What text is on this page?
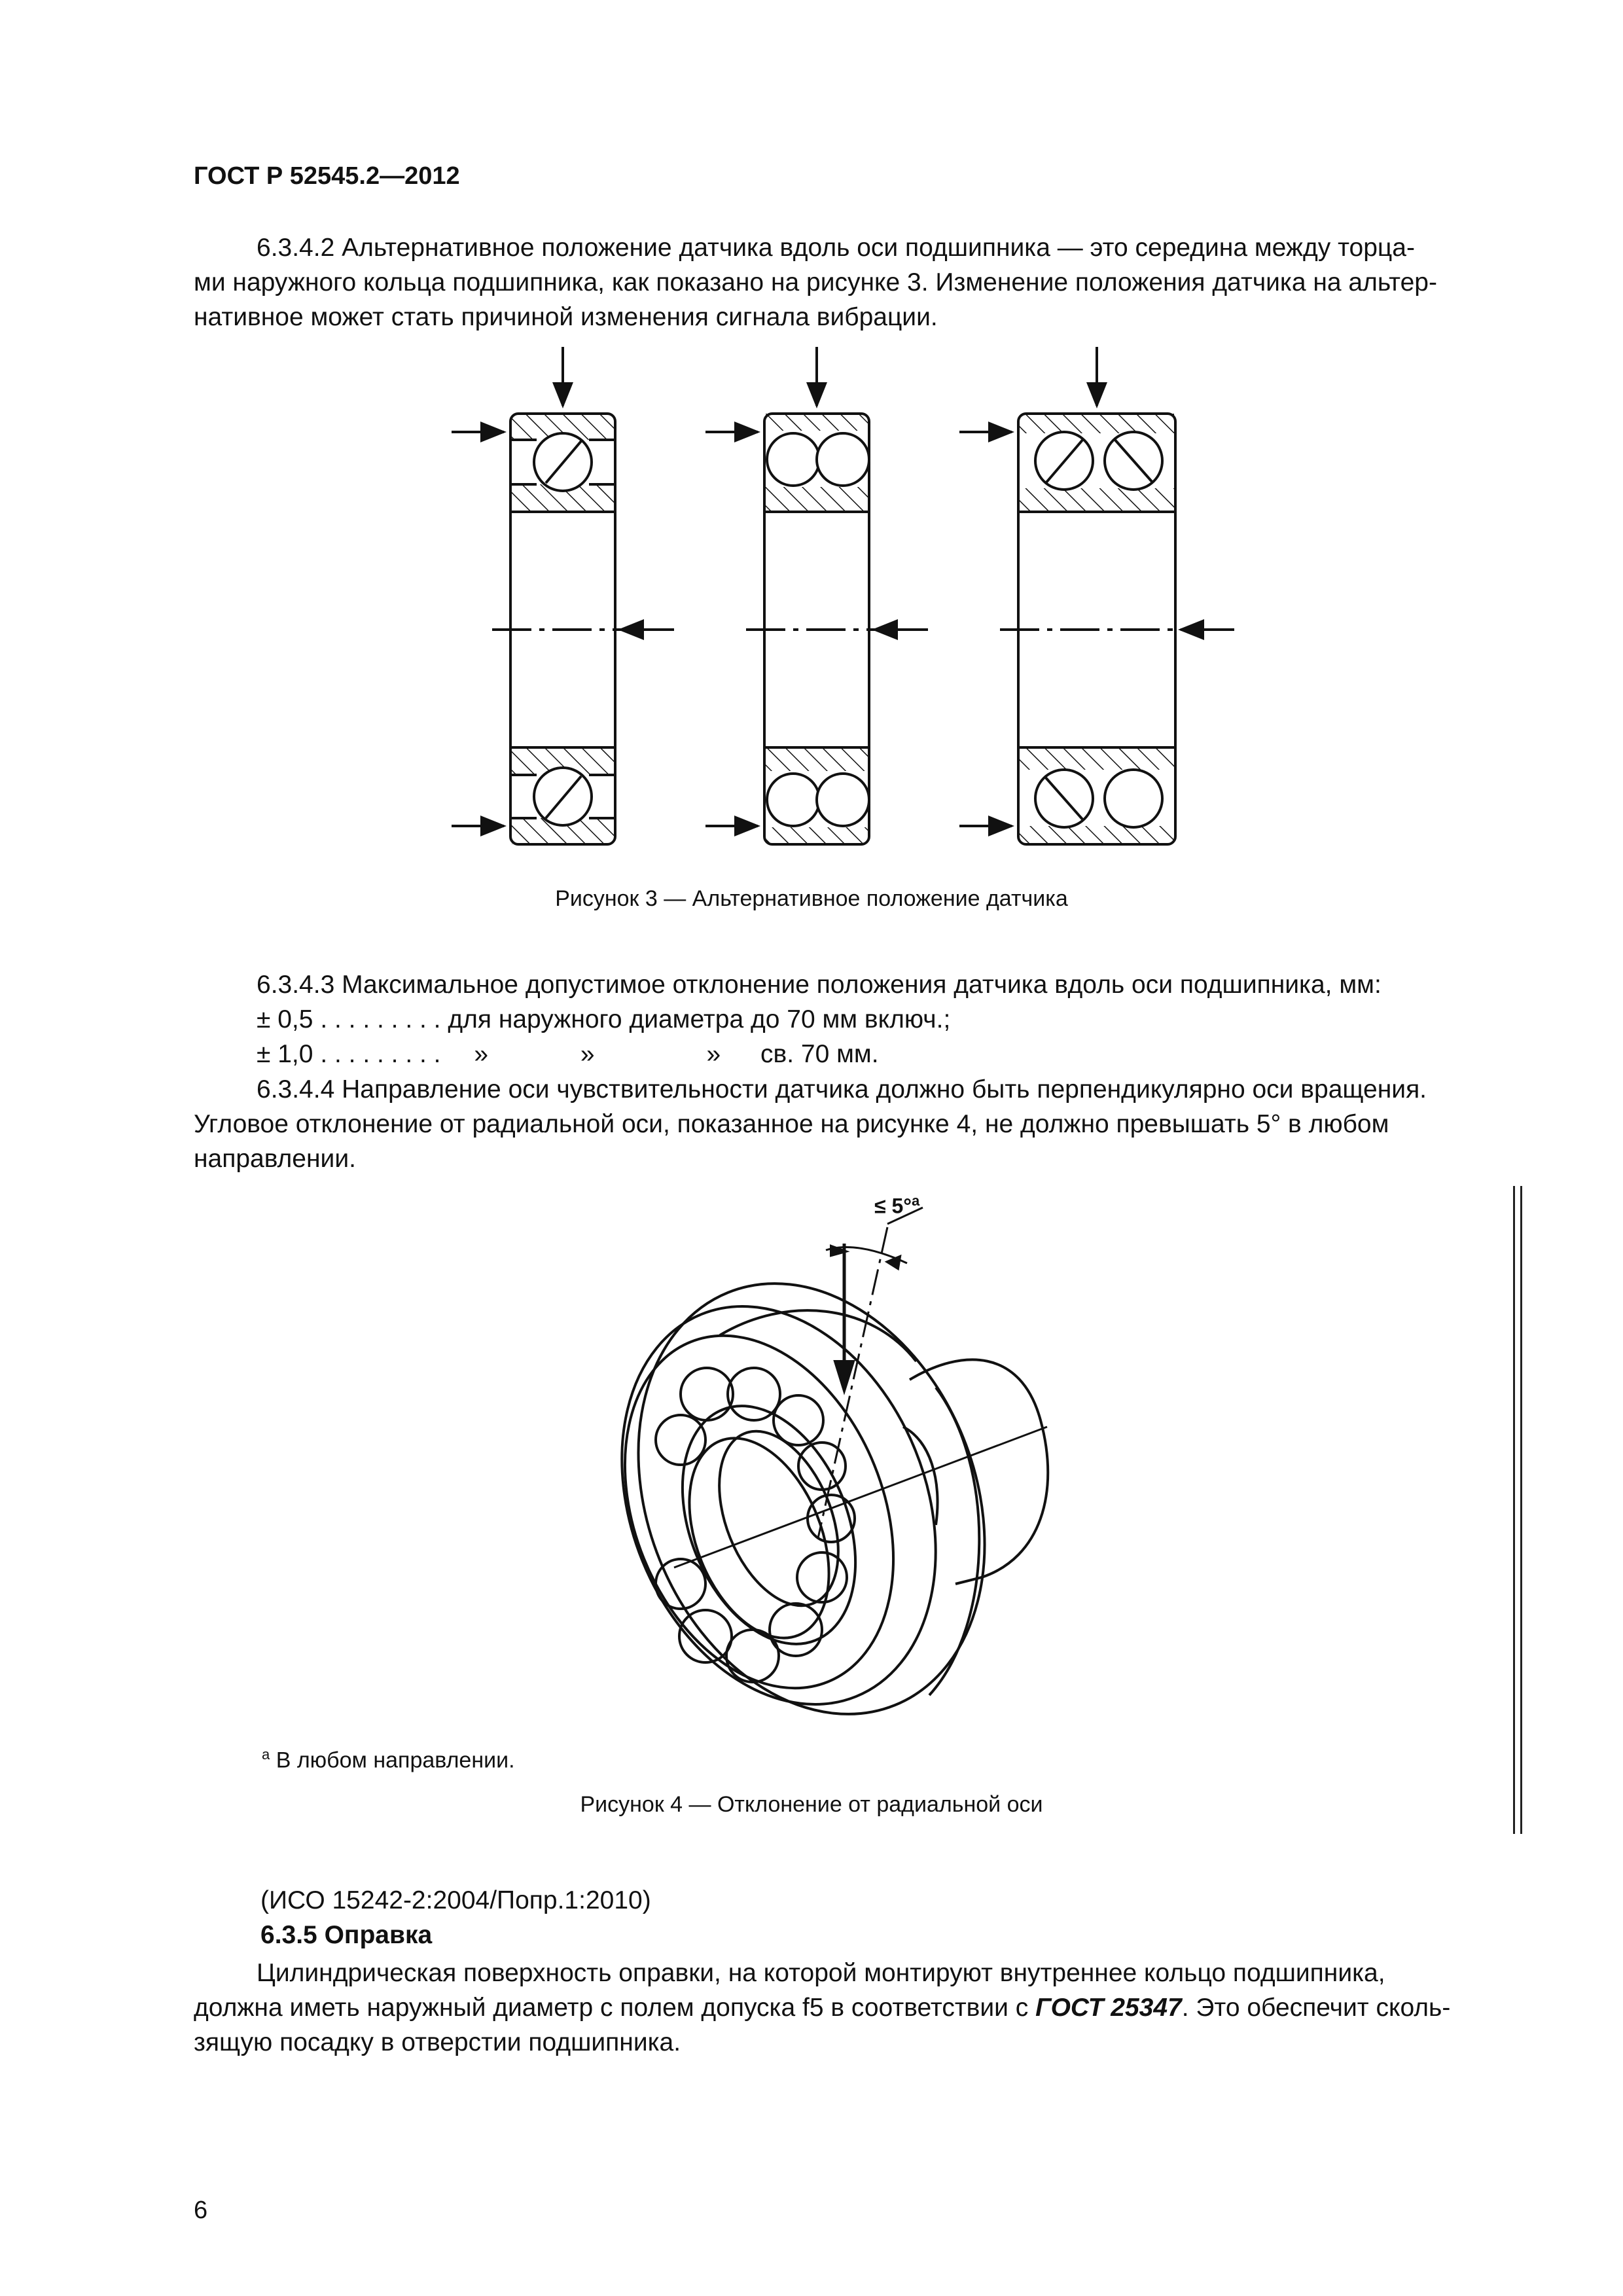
ГОСТ Р 52545.2—2012
6.3.4.2 Альтернативное положение датчика вдоль оси подшипника — это середина между торца-
ми наружного кольца подшипника, как показано на рисунке 3. Изменение положения датчика на альтер-
нативное может стать причиной изменения сигнала вибрации.
Рисунок 3 — Альтернативное положение датчика
6.3.4.3 Максимальное допустимое отклонение положения датчика вдоль оси подшипника, мм:
± 0,5 . . . . . . . . . для наружного диаметра до 70 мм включ.;
± 1,0 . . . . . . . . . »	»	» св. 70 мм.
6.3.4.4 Направление оси чувствительности датчика должно быть перпендикулярно оси вращения.
Угловое отклонение от радиальной оси, показанное на рисунке 4, не должно превышать 5° в любом
направлении.
≤ 5°$^a$
$^a$ В любом направлении.
Рисунок 4 — Отклонение от радиальной оси
(ИСО 15242-2:2004/Попр.1:2010)
6.3.5 Оправка
Цилиндрическая поверхность оправки, на которой монтируют внутреннее кольцо подшипника,
должна иметь наружный диаметр с полем допуска f5 в соответствии с ГОСТ 25347. Это обеспечит сколь-
зящую посадку в отверстии подшипника.
6
